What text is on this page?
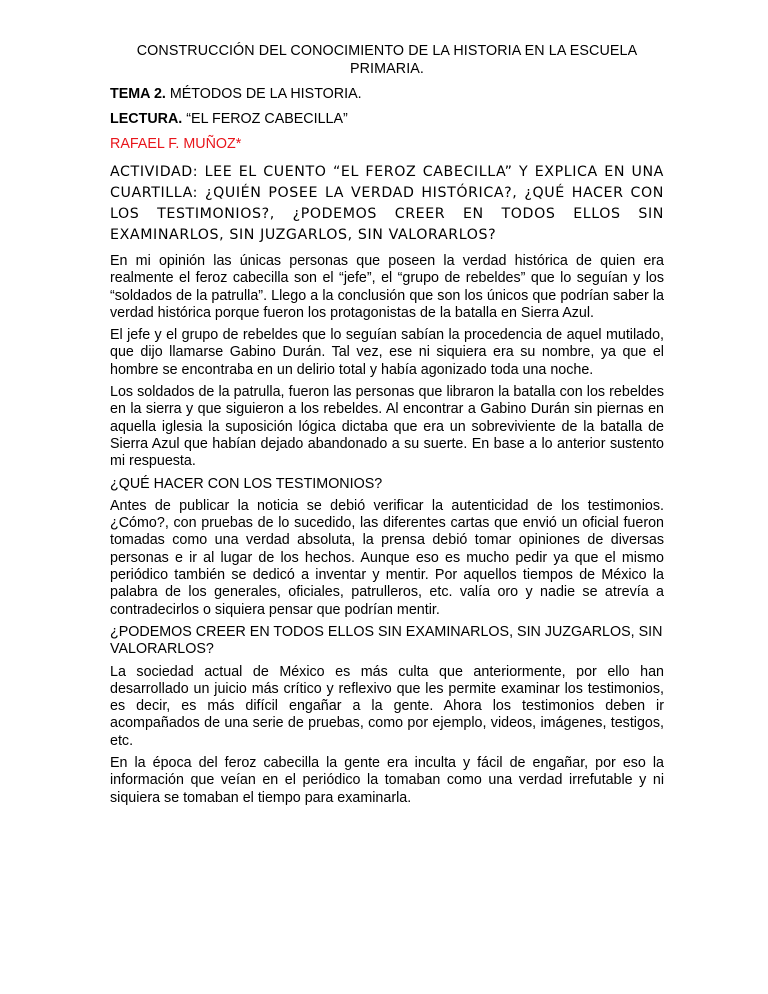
CONSTRUCCIÓN DEL CONOCIMIENTO DE LA HISTORIA EN LA ESCUELA PRIMARIA.
TEMA 2. MÉTODOS DE LA HISTORIA.
LECTURA. “EL FEROZ CABECILLA”
RAFAEL F. MUÑOZ*
ACTIVIDAD: LEE EL CUENTO “EL FEROZ CABECILLA” Y EXPLICA EN UNA CUARTILLA: ¿QUIÉN POSEE LA VERDAD HISTÓRICA?, ¿QUÉ HACER CON LOS TESTIMONIOS?, ¿PODEMOS CREER EN TODOS ELLOS SIN EXAMINARLOS, SIN JUZGARLOS, SIN VALORARLOS?

En mi opinión las únicas personas que poseen la verdad histórica de quien era realmente el feroz cabecilla son el “jefe”, el “grupo de rebeldes” que lo seguían y los “soldados de la patrulla”. Llego a la conclusión que son los únicos que podrían saber la verdad histórica porque fueron los protagonistas de la batalla en Sierra Azul.

El jefe y el grupo de rebeldes que lo seguían sabían la procedencia de aquel mutilado, que dijo llamarse Gabino Durán. Tal vez, ese ni siquiera era su nombre, ya que el hombre se encontraba en un delirio total y había agonizado toda una noche.

Los soldados de la patrulla, fueron las personas que libraron la batalla con los rebeldes en la sierra y que siguieron a los rebeldes. Al encontrar a Gabino Durán sin piernas en aquella iglesia la suposición lógica dictaba que era un sobreviviente de la batalla de Sierra Azul que habían dejado abandonado a su suerte. En base a lo anterior sustento mi respuesta.

¿QUÉ HACER CON LOS TESTIMONIOS?

Antes de publicar la noticia se debió verificar la autenticidad de los testimonios. ¿Cómo?, con pruebas de lo sucedido, las diferentes cartas que envió un oficial fueron tomadas como una verdad absoluta, la prensa debió tomar opiniones de diversas personas e ir al lugar de los hechos. Aunque eso es mucho pedir ya que el mismo periódico también se dedicó a inventar y mentir. Por aquellos tiempos de México la palabra de los generales, oficiales, patrulleros, etc. valía oro y nadie se atrevía a contradecirlos o siquiera pensar que podrían mentir.

¿PODEMOS CREER EN TODOS ELLOS SIN EXAMINARLOS, SIN JUZGARLOS, SIN VALORARLOS?

La sociedad actual de México es más culta que anteriormente, por ello han desarrollado un juicio más crítico y reflexivo que les permite examinar los testimonios, es decir, es más difícil engañar a la gente. Ahora los testimonios deben ir acompañados de una serie de pruebas, como por ejemplo, videos, imágenes, testigos, etc.

En la época del feroz cabecilla la gente era inculta y fácil de engañar, por eso la información que veían en el periódico la tomaban como una verdad irrefutable y ni siquiera se tomaban el tiempo para examinarla.
